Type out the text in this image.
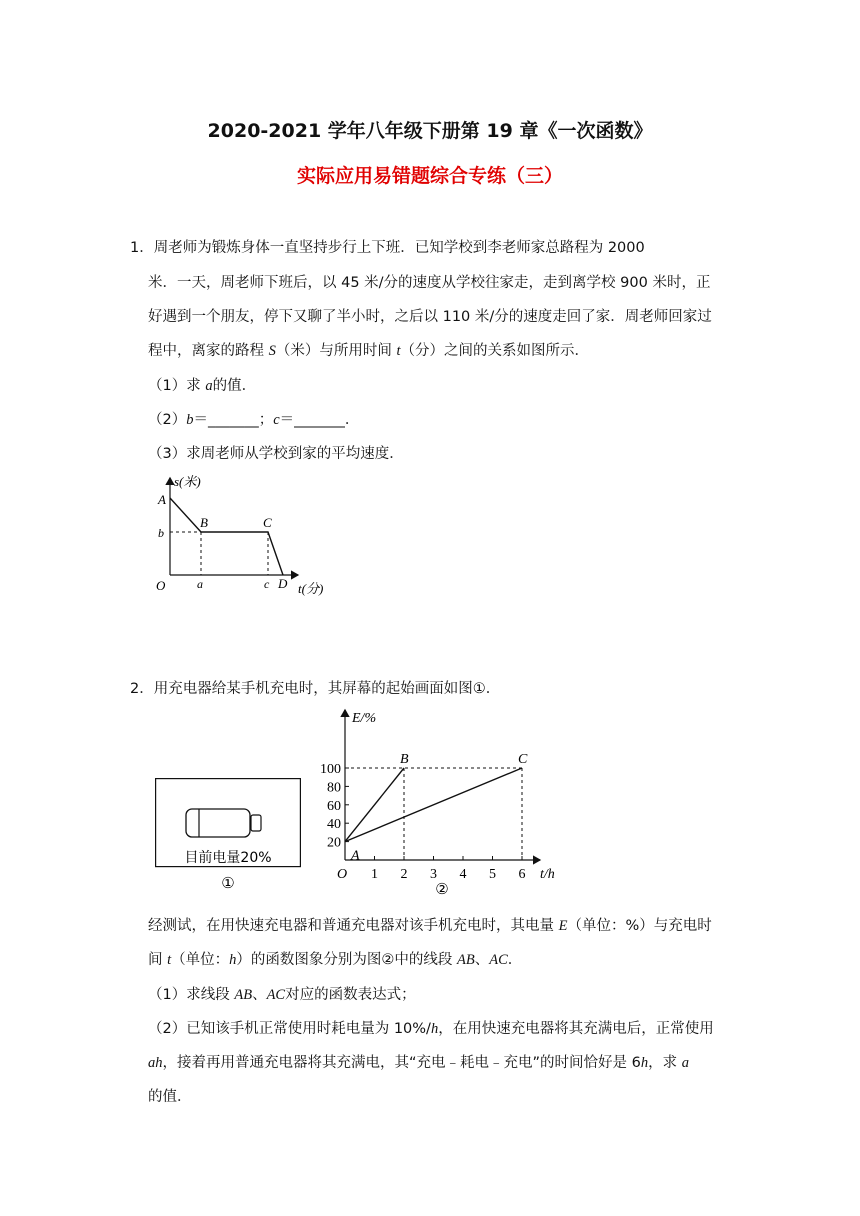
2020-2021 学年八年级下册第 19 章《一次函数》
实际应用易错题综合专练（三）
1．周老师为锻炼身体一直坚持步行上下班．已知学校到李老师家总路程为 2000
米．一天，周老师下班后，以 45 米/分的速度从学校往家走，走到离学校 900 米时，正
好遇到一个朋友，停下又聊了半小时，之后以 110 米/分的速度走回了家．周老师回家过
程中，离家的路程 S（米）与所用时间 t（分）之间的关系如图所示．
（1）求 a的值．
（2）b＝_______；c＝_______．
（3）求周老师从学校到家的平均速度．
s(米)
t(分)
O
A
B	C
D
b
a	c
2．用充电器给某手机充电时，其屏幕的起始画面如图①．
目前电量20%
①
20
40
60
80
100
1 2 3 4 5 6
E/%
t/h
O
A
B	C
②
经测试，在用快速充电器和普通充电器对该手机充电时，其电量 E（单位：%）与充电时
间 t（单位：h）的函数图象分别为图②中的线段 AB、AC．
（1）求线段 AB、AC对应的函数表达式；
（2）已知该手机正常使用时耗电量为 10%/h，在用快速充电器将其充满电后，正常使用
ah，接着再用普通充电器将其充满电，其“充电﹣耗电﹣充电”的时间恰好是 6h，求 a
的值．
